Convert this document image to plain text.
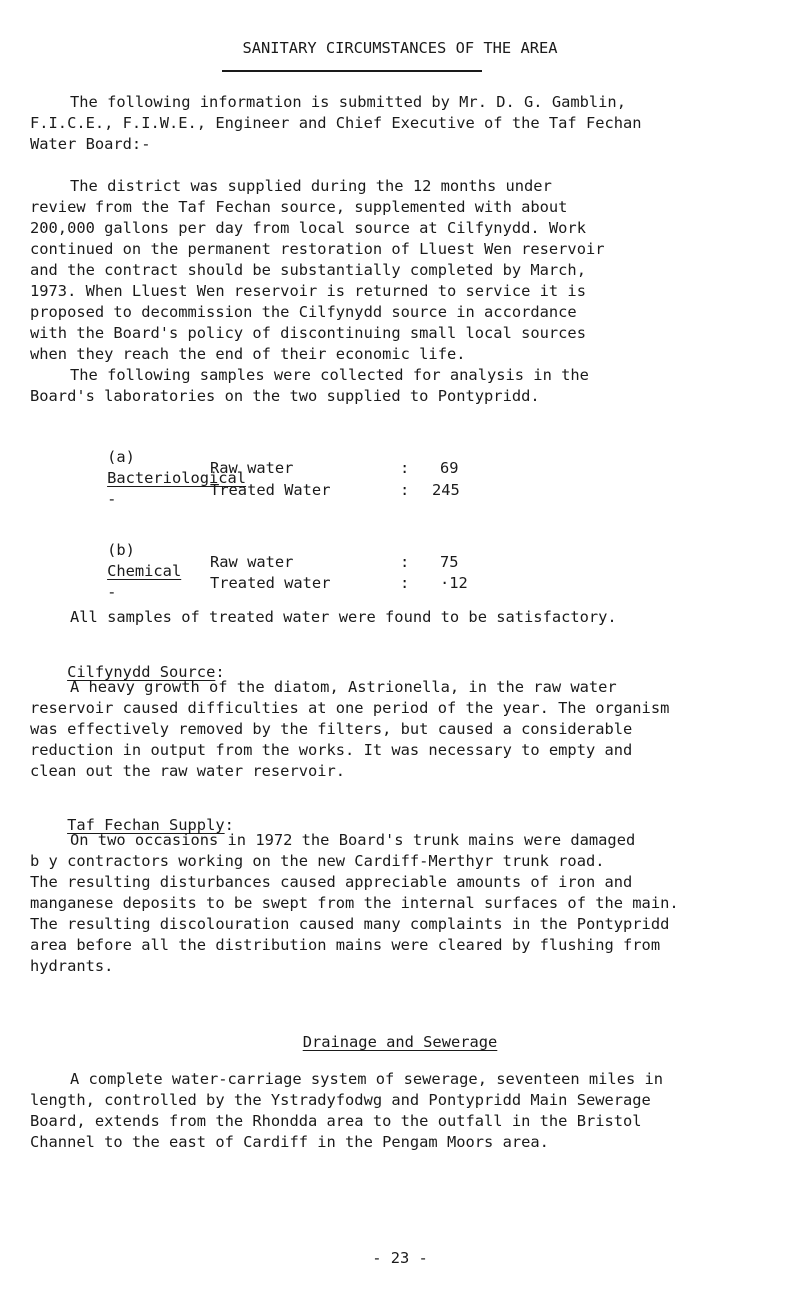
SANITARY CIRCUMSTANCES OF THE AREA
The following information is submitted by Mr. D. G. Gamblin,
F.I.C.E., F.I.W.E., Engineer and Chief Executive of the Taf Fechan
Water Board:-
The district was supplied during the 12 months under
review from the Taf Fechan source, supplemented with about
200,000 gallons per day from local source at Cilfynydd. Work
continued on the permanent restoration of Lluest Wen reservoir
and the contract should be substantially completed by March,
1973. When Lluest Wen reservoir is returned to service it is
proposed to decommission the Cilfynydd source in accordance
with the Board's policy of discontinuing small local sources
when they reach the end of their economic life.
The following samples were collected for analysis in the
Board's laboratories on the two supplied to Pontypridd.

(a)
Bacteriological
-

Raw water	: 69
Treated Water	: 245

(b)
Chemical
-

Raw water	: 75
Treated water	: ·12
All samples of treated water were found to be satisfactory.

Cilfynydd Source:

A heavy growth of the diatom, Astrionella, in the raw water
reservoir caused difficulties at one period of the year. The organism
was effectively removed by the filters, but caused a considerable
reduction in output from the works. It was necessary to empty and
clean out the raw water reservoir.

Taf Fechan Supply:

On two occasions in 1972 the Board's trunk mains were damaged
b y contractors working on the new Cardiff-Merthyr trunk road.
The resulting disturbances caused appreciable amounts of iron and
manganese deposits to be swept from the internal surfaces of the main.
The resulting discolouration caused many complaints in the Pontypridd
area before all the distribution mains were cleared by flushing from
hydrants.
Drainage and Sewerage
A complete water-carriage system of sewerage, seventeen miles in
length, controlled by the Ystradyfodwg and Pontypridd Main Sewerage
Board, extends from the Rhondda area to the outfall in the Bristol
Channel to the east of Cardiff in the Pengam Moors area.
- 23 -
